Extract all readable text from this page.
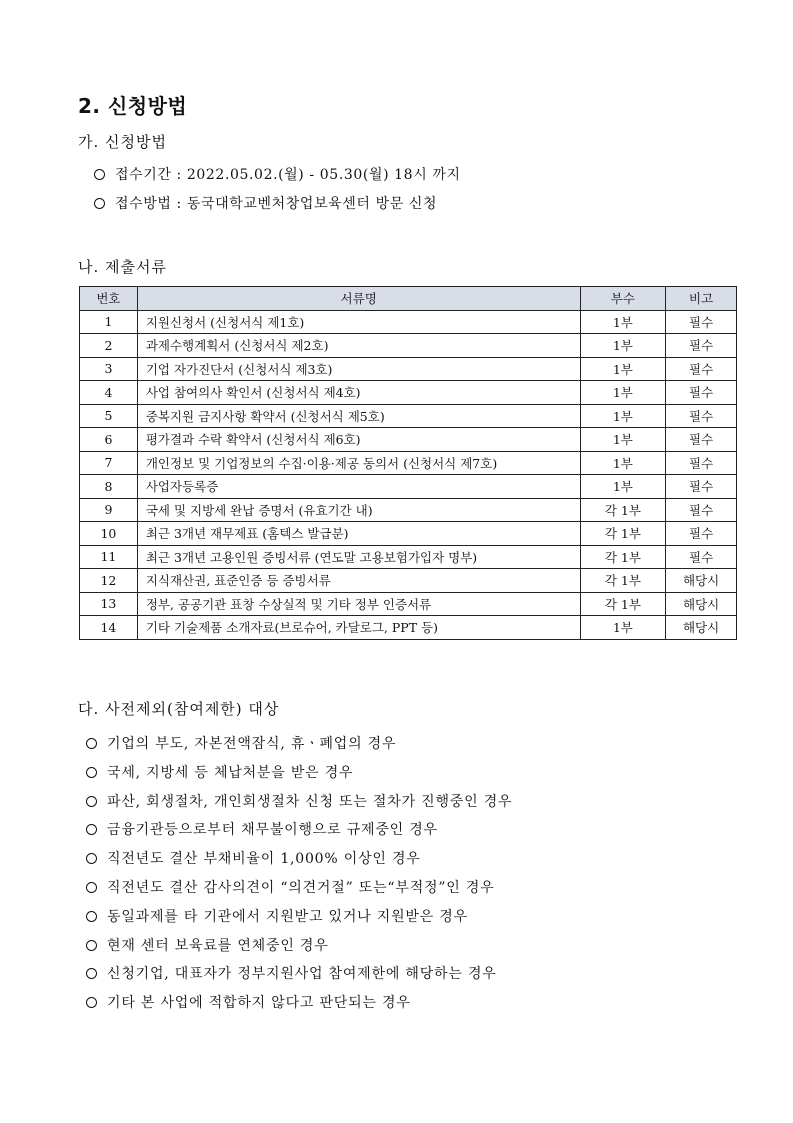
2. 신청방법
가. 신청방법
접수기간 : 2022.05.02.(월) - 05.30(월) 18시 까지
접수방법 : 동국대학교벤처창업보육센터 방문 신청
나. 제출서류
번호	서류명	부수	비고
1	지원신청서 (신청서식 제1호)	1부	필수
2	과제수행계획서 (신청서식 제2호)	1부	필수
3	기업 자가진단서 (신청서식 제3호)	1부	필수
4	사업 참여의사 확인서 (신청서식 제4호)	1부	필수
5	중복지원 금지사항 확약서 (신청서식 제5호)	1부	필수
6	평가결과 수락 확약서 (신청서식 제6호)	1부	필수
7	개인정보 및 기업정보의 수집·이용·제공 동의서 (신청서식 제7호)	1부	필수
8	사업자등록증	1부	필수
9	국세 및 지방세 완납 증명서 (유효기간 내)	각 1부	필수
10	최근 3개년 재무제표 (홈텍스 발급분)	각 1부	필수
11	최근 3개년 고용인원 증빙서류 (연도말 고용보험가입자 명부)	각 1부	필수
12	지식재산권, 표준인증 등 증빙서류	각 1부	해당시
13	정부, 공공기관 표창 수상실적 및 기타 정부 인증서류	각 1부	해당시
14	기타 기술제품 소개자료(브로슈어, 카달로그, PPT 등)	1부	해당시
다. 사전제외(참여제한) 대상
기업의 부도, 자본전액잠식, 휴ㆍ폐업의 경우
국세, 지방세 등 체납처분을 받은 경우
파산, 회생절차, 개인회생절차 신청 또는 절차가 진행중인 경우
금융기관등으로부터 채무불이행으로 규제중인 경우
직전년도 결산 부채비율이 1,000% 이상인 경우
직전년도 결산 감사의견이 “의견거절” 또는“부적정”인 경우
동일과제를 타 기관에서 지원받고 있거나 지원받은 경우
현재 센터 보육료를 연체중인 경우
신청기업, 대표자가 정부지원사업 참여제한에 해당하는 경우
기타 본 사업에 적합하지 않다고 판단되는 경우
